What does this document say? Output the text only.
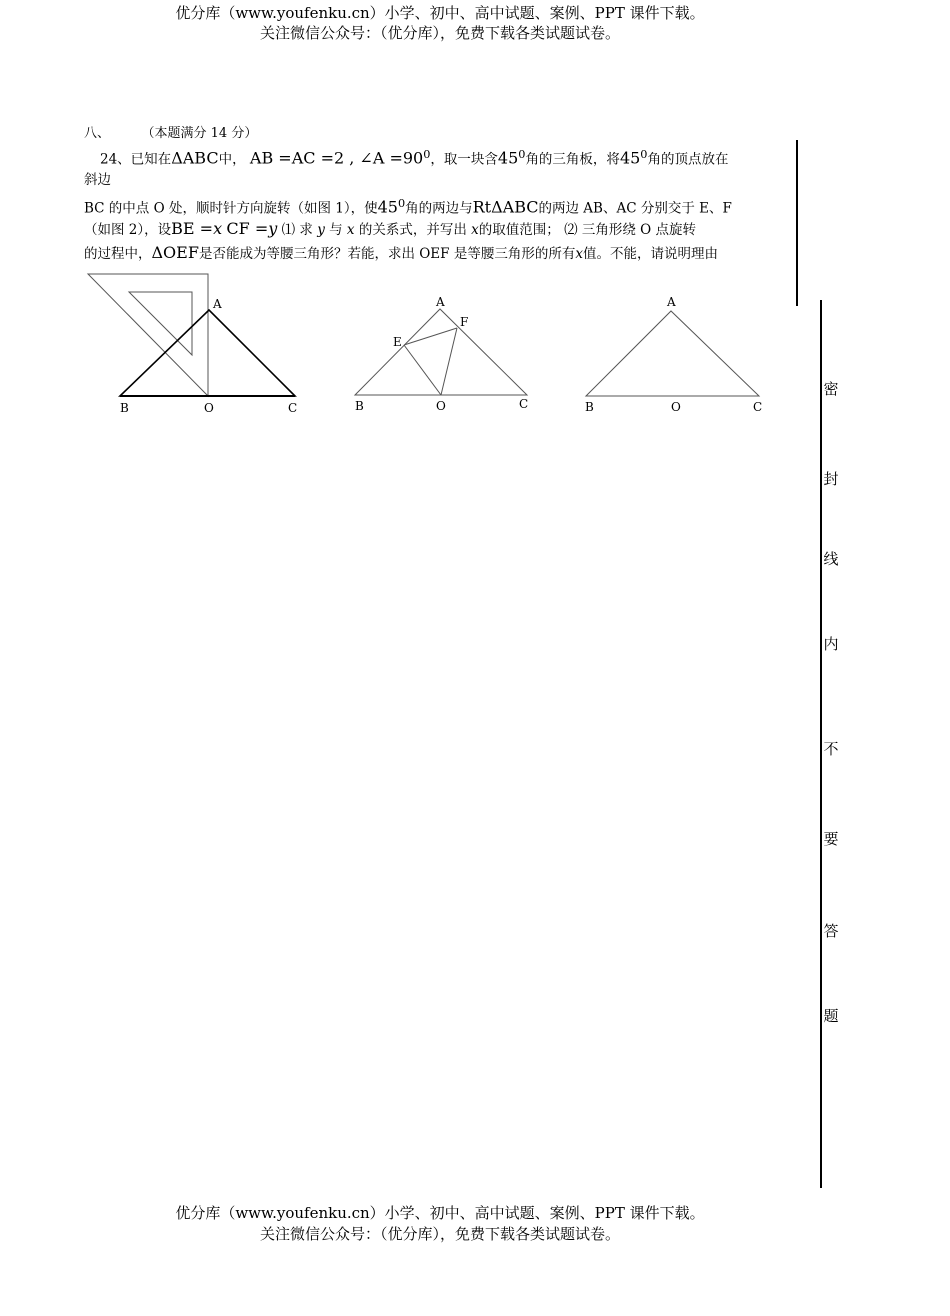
优分库（www.youfenku.cn）小学、初中、高中试题、案例、PPT 课件下载。
关注微信公众号：（优分库），免费下载各类试题试卷。
八、	（本题满分 14 分）
24、已知在ΔABC中， AB =AC =2 , ∠A $=90^0$，取一块含$45^0$角的三角板，将$45^0$角的顶点放在
斜边
BC 的中点 O 处，顺时针方向旋转（如图 1），使$45^0$角的两边与RtΔABC的两边 AB、AC 分别交于 E、F
（如图 2），设BE =x CF =y ⑴ 求 y 与 x 的关系式，并写出 x的取值范围； ⑵ 三角形绕 O 点旋转
的过程中，ΔOEF是否能成为等腰三角形？若能，求出 OEF 是等腰三角形的所有x值。不能，请说明理由
A
B	O	C
A
F
E
B	O	C
A
B	O	C
密
封
线
内
不
要
答
题
优分库（www.youfenku.cn）小学、初中、高中试题、案例、PPT 课件下载。
关注微信公众号：（优分库），免费下载各类试题试卷。
